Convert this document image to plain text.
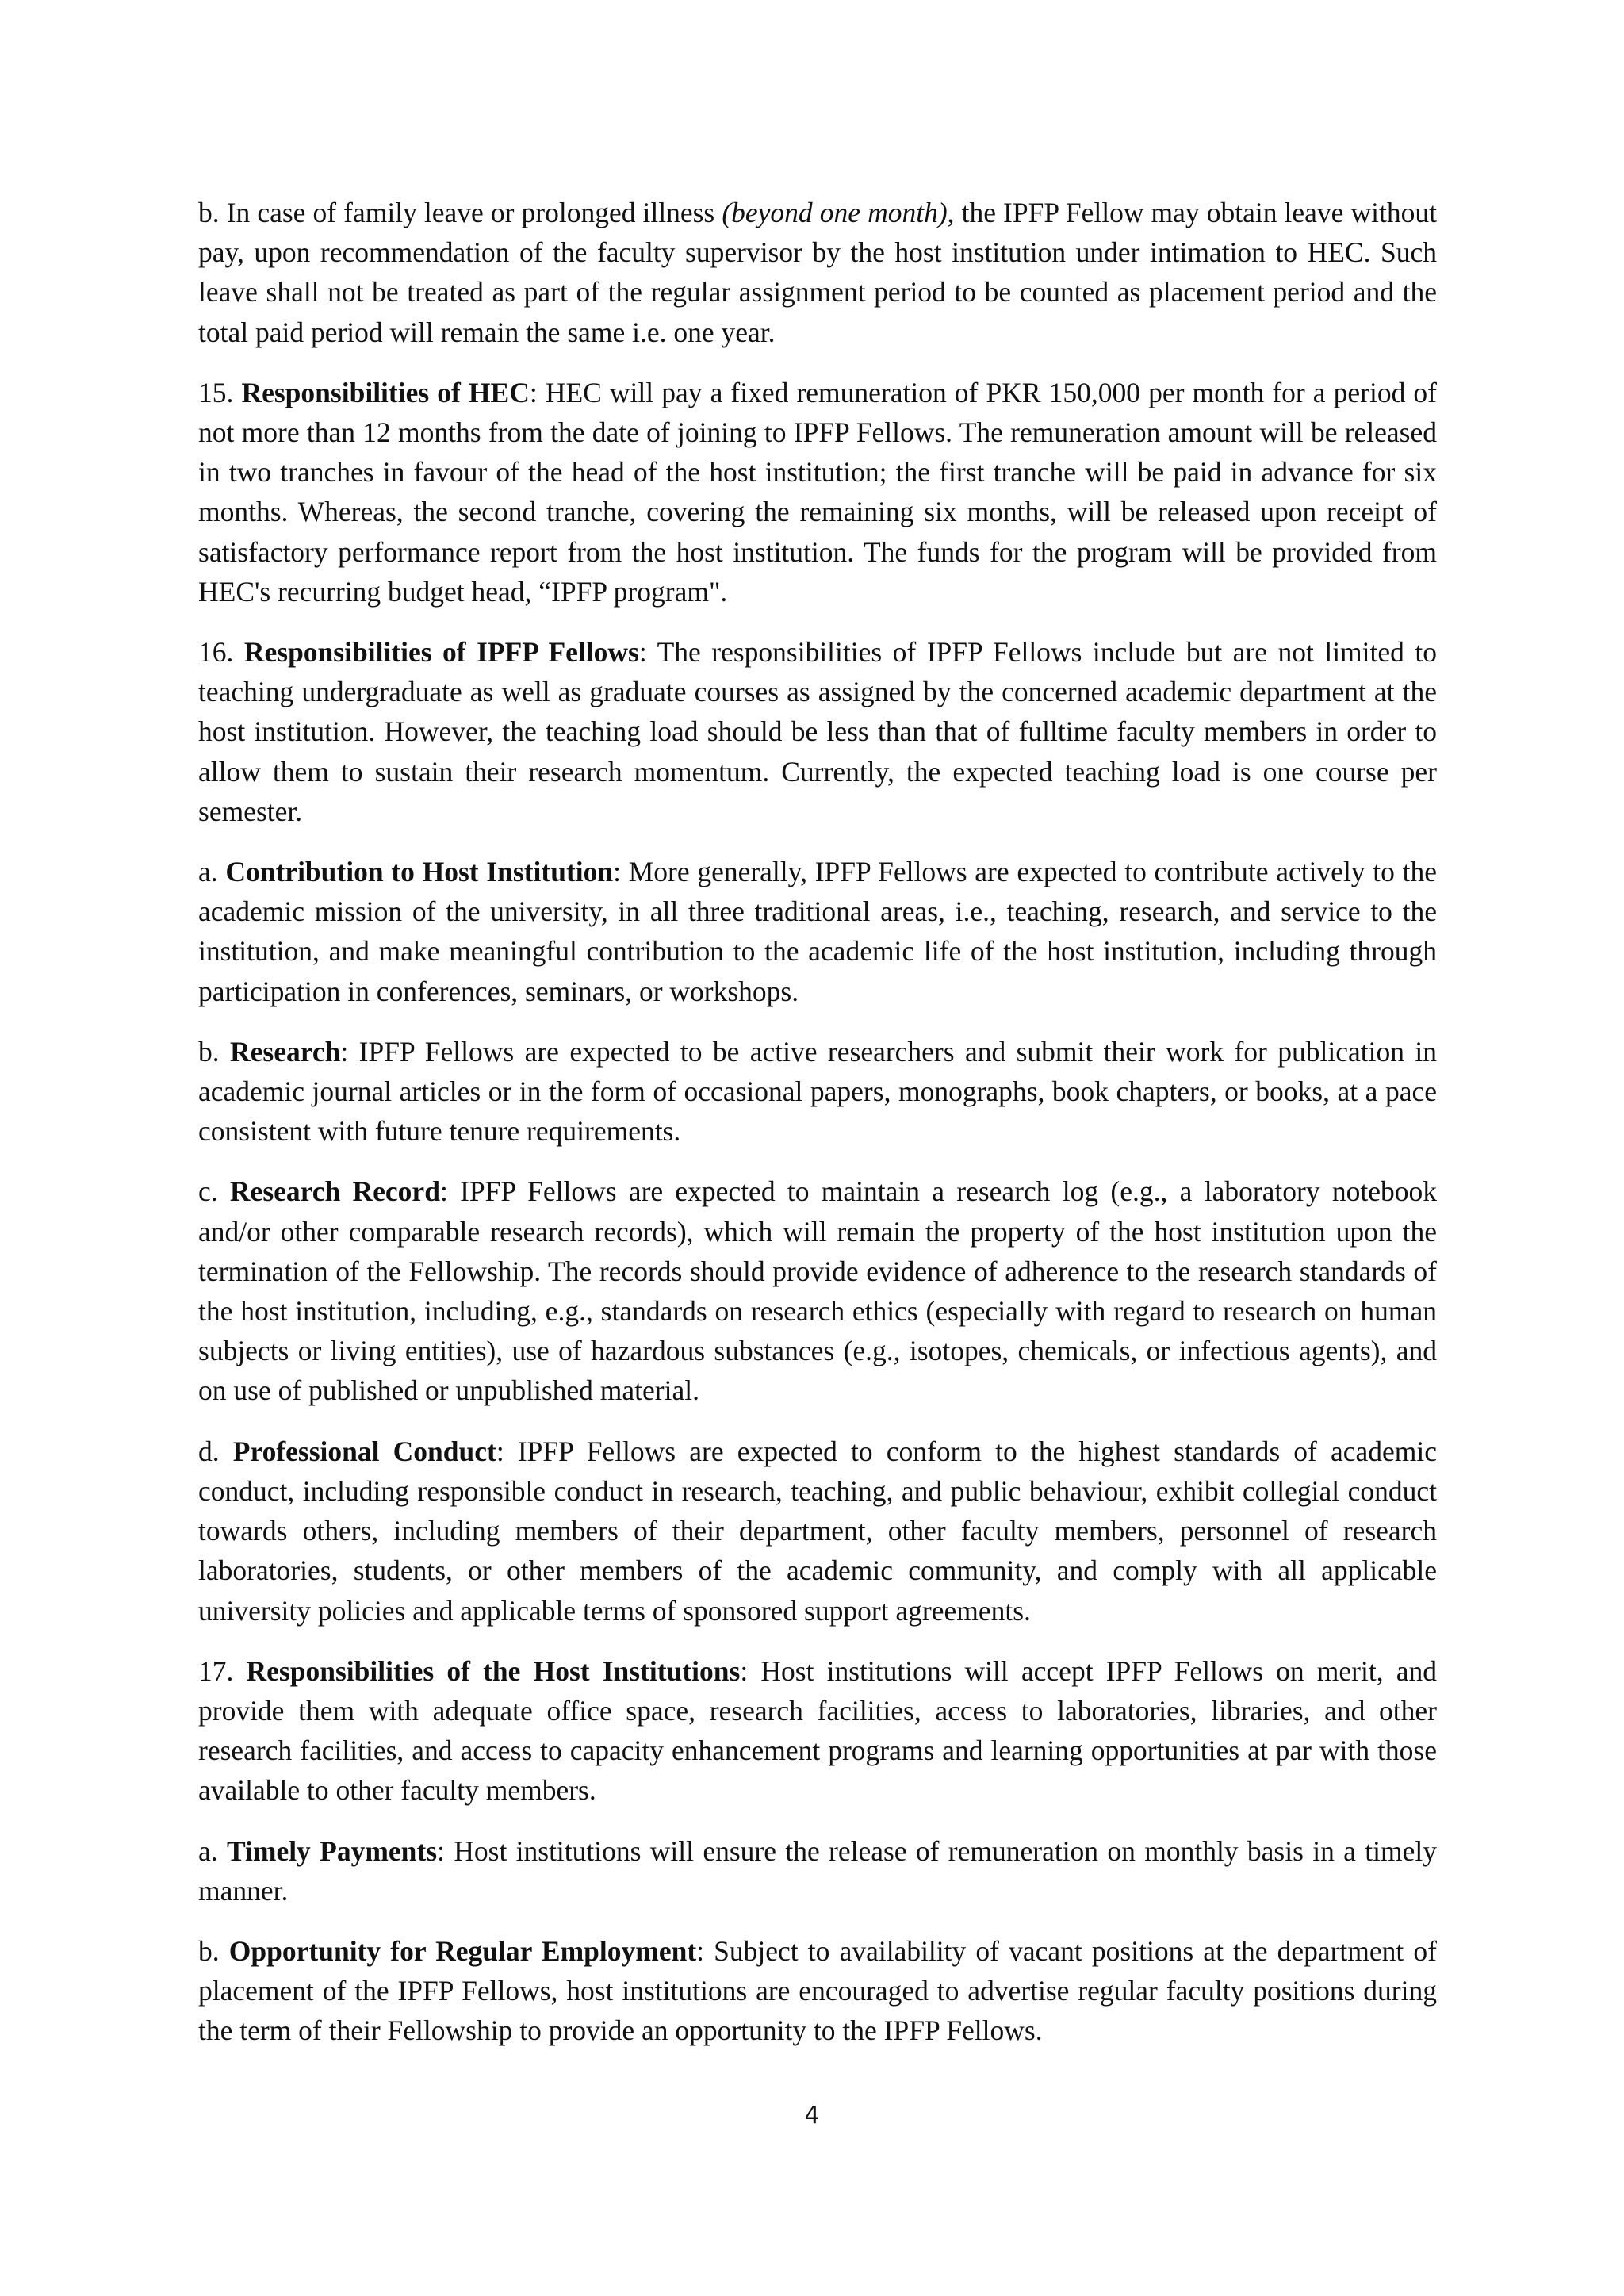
b. In case of family leave or prolonged illness (beyond one month), the IPFP Fellow may obtain leave without pay, upon recommendation of the faculty supervisor by the host institution under intimation to HEC. Such leave shall not be treated as part of the regular assignment period to be counted as placement period and the total paid period will remain the same i.e. one year.

15. Responsibilities of HEC: HEC will pay a fixed remuneration of PKR 150,000 per month for a period of not more than 12 months from the date of joining to IPFP Fellows. The remuneration amount will be released in two tranches in favour of the head of the host institution; the first tranche will be paid in advance for six months. Whereas, the second tranche, covering the remaining six months, will be released upon receipt of satisfactory performance report from the host institution. The funds for the program will be provided from HEC's recurring budget head, “IPFP program".

16. Responsibilities of IPFP Fellows: The responsibilities of IPFP Fellows include but are not limited to teaching undergraduate as well as graduate courses as assigned by the concerned academic department at the host institution. However, the teaching load should be less than that of fulltime faculty members in order to allow them to sustain their research momentum. Currently, the expected teaching load is one course per semester.

a. Contribution to Host Institution: More generally, IPFP Fellows are expected to contribute actively to the academic mission of the university, in all three traditional areas, i.e., teaching, research, and service to the institution, and make meaningful contribution to the academic life of the host institution, including through participation in conferences, seminars, or workshops.

b. Research: IPFP Fellows are expected to be active researchers and submit their work for publication in academic journal articles or in the form of occasional papers, monographs, book chapters, or books, at a pace consistent with future tenure requirements.

c. Research Record: IPFP Fellows are expected to maintain a research log (e.g., a laboratory notebook and/or other comparable research records), which will remain the property of the host institution upon the termination of the Fellowship. The records should provide evidence of adherence to the research standards of the host institution, including, e.g., standards on research ethics (especially with regard to research on human subjects or living entities), use of hazardous substances (e.g., isotopes, chemicals, or infectious agents), and on use of published or unpublished material.

d. Professional Conduct: IPFP Fellows are expected to conform to the highest standards of academic conduct, including responsible conduct in research, teaching, and public behaviour, exhibit collegial conduct towards others, including members of their department, other faculty members, personnel of research laboratories, students, or other members of the academic community, and comply with all applicable university policies and applicable terms of sponsored support agreements.

17. Responsibilities of the Host Institutions: Host institutions will accept IPFP Fellows on merit, and provide them with adequate office space, research facilities, access to laboratories, libraries, and other research facilities, and access to capacity enhancement programs and learning opportunities at par with those available to other faculty members.

a. Timely Payments: Host institutions will ensure the release of remuneration on monthly basis in a timely manner.

b. Opportunity for Regular Employment: Subject to availability of vacant positions at the department of placement of the IPFP Fellows, host institutions are encouraged to advertise regular faculty positions during the term of their Fellowship to provide an opportunity to the IPFP Fellows.

4
